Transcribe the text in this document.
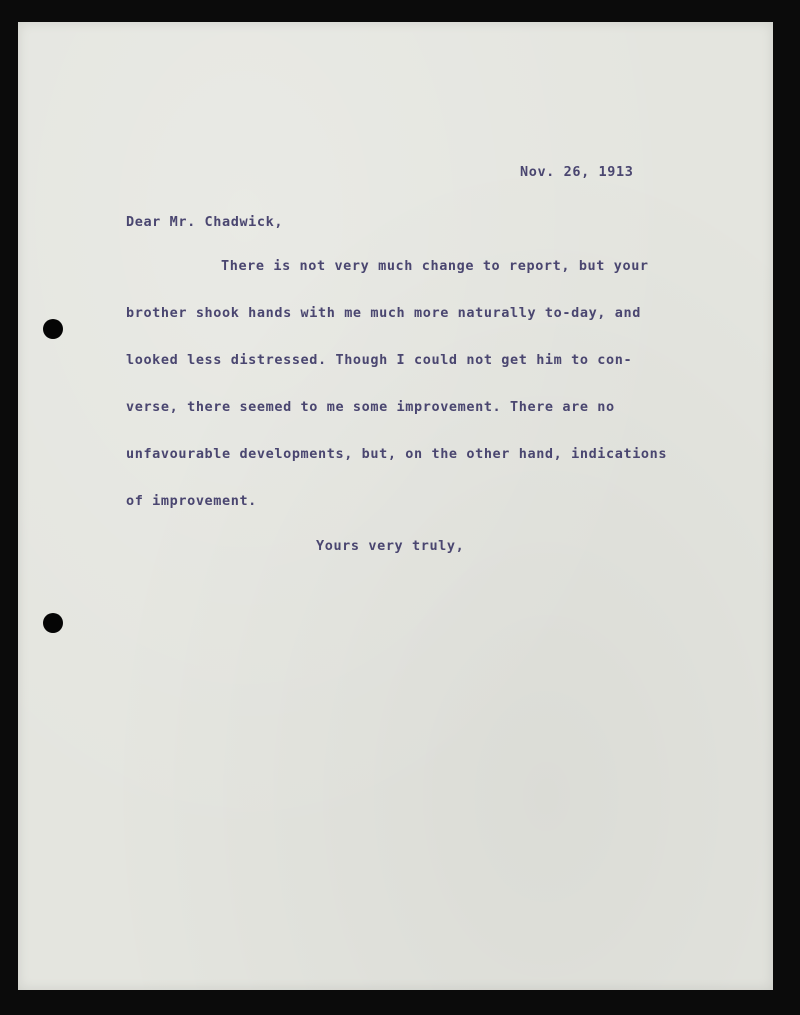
Nov. 26, 1913

Dear Mr. Chadwick,

There is not very much change to report, but your

brother shook hands with me much more naturally to-day, and

looked less distressed. Though I could not get him to con-

verse, there seemed to me some improvement. There are no

unfavourable developments, but, on the other hand, indications

of improvement.

Yours very truly,
